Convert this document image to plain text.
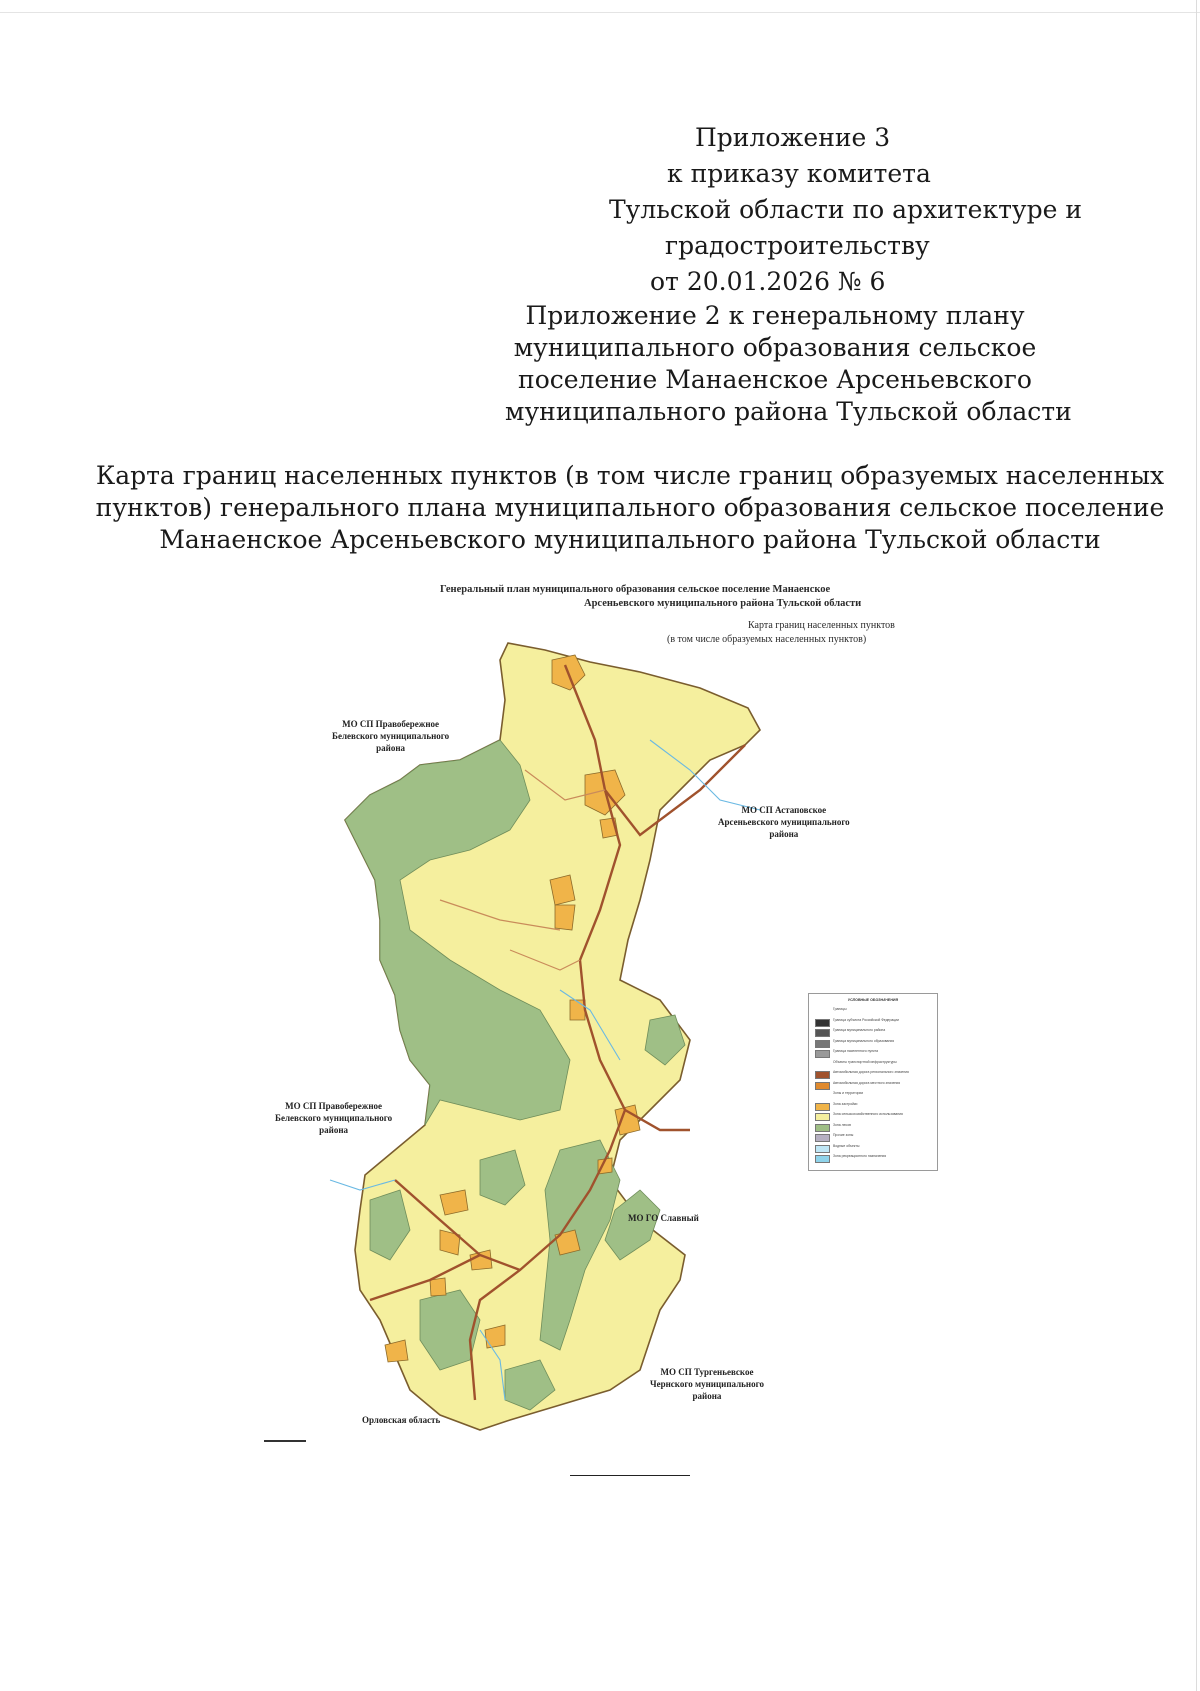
Приложение 3
к приказу комитета
Тульской области по архитектуре и
градостроительству
от 20.01.2026 № 6
Приложение 2 к генеральному плану
муниципального образования сельское
поселение Манаенское Арсеньевского
муниципального района Тульской области
Карта границ населенных пунктов (в том числе границ образуемых населенных
пунктов) генерального плана муниципального образования сельское поселение
Манаенское Арсеньевского муниципального района Тульской области
Генеральный план муниципального образования сельское поселение Манаенское
Арсеньевского муниципального района Тульской области
Карта границ населенных пунктов
(в том числе образуемых населенных пунктов)
МО СП Правобережное
Белевского муниципального
района
МО СП Астаповское
Арсеньевского муниципального
района
МО СП Правобережное
Белевского муниципального
района
МО ГО Славный
МО СП Тургеньевское
Чернского муниципального
района
Орловская область
УСЛОВНЫЕ ОБОЗНАЧЕНИЯ
Границы
Граница субъекта Российской Федерации
Граница муниципального района
Граница муниципального образования
Граница населенного пункта
Объекты транспортной инфраструктуры
Автомобильная дорога регионального значения
Автомобильная дорога местного значения
Зоны и территории
Зона застройки
Зона сельскохозяйственного использования
Зона лесов
Прочие зоны
Водные объекты
Зона рекреационного назначения
